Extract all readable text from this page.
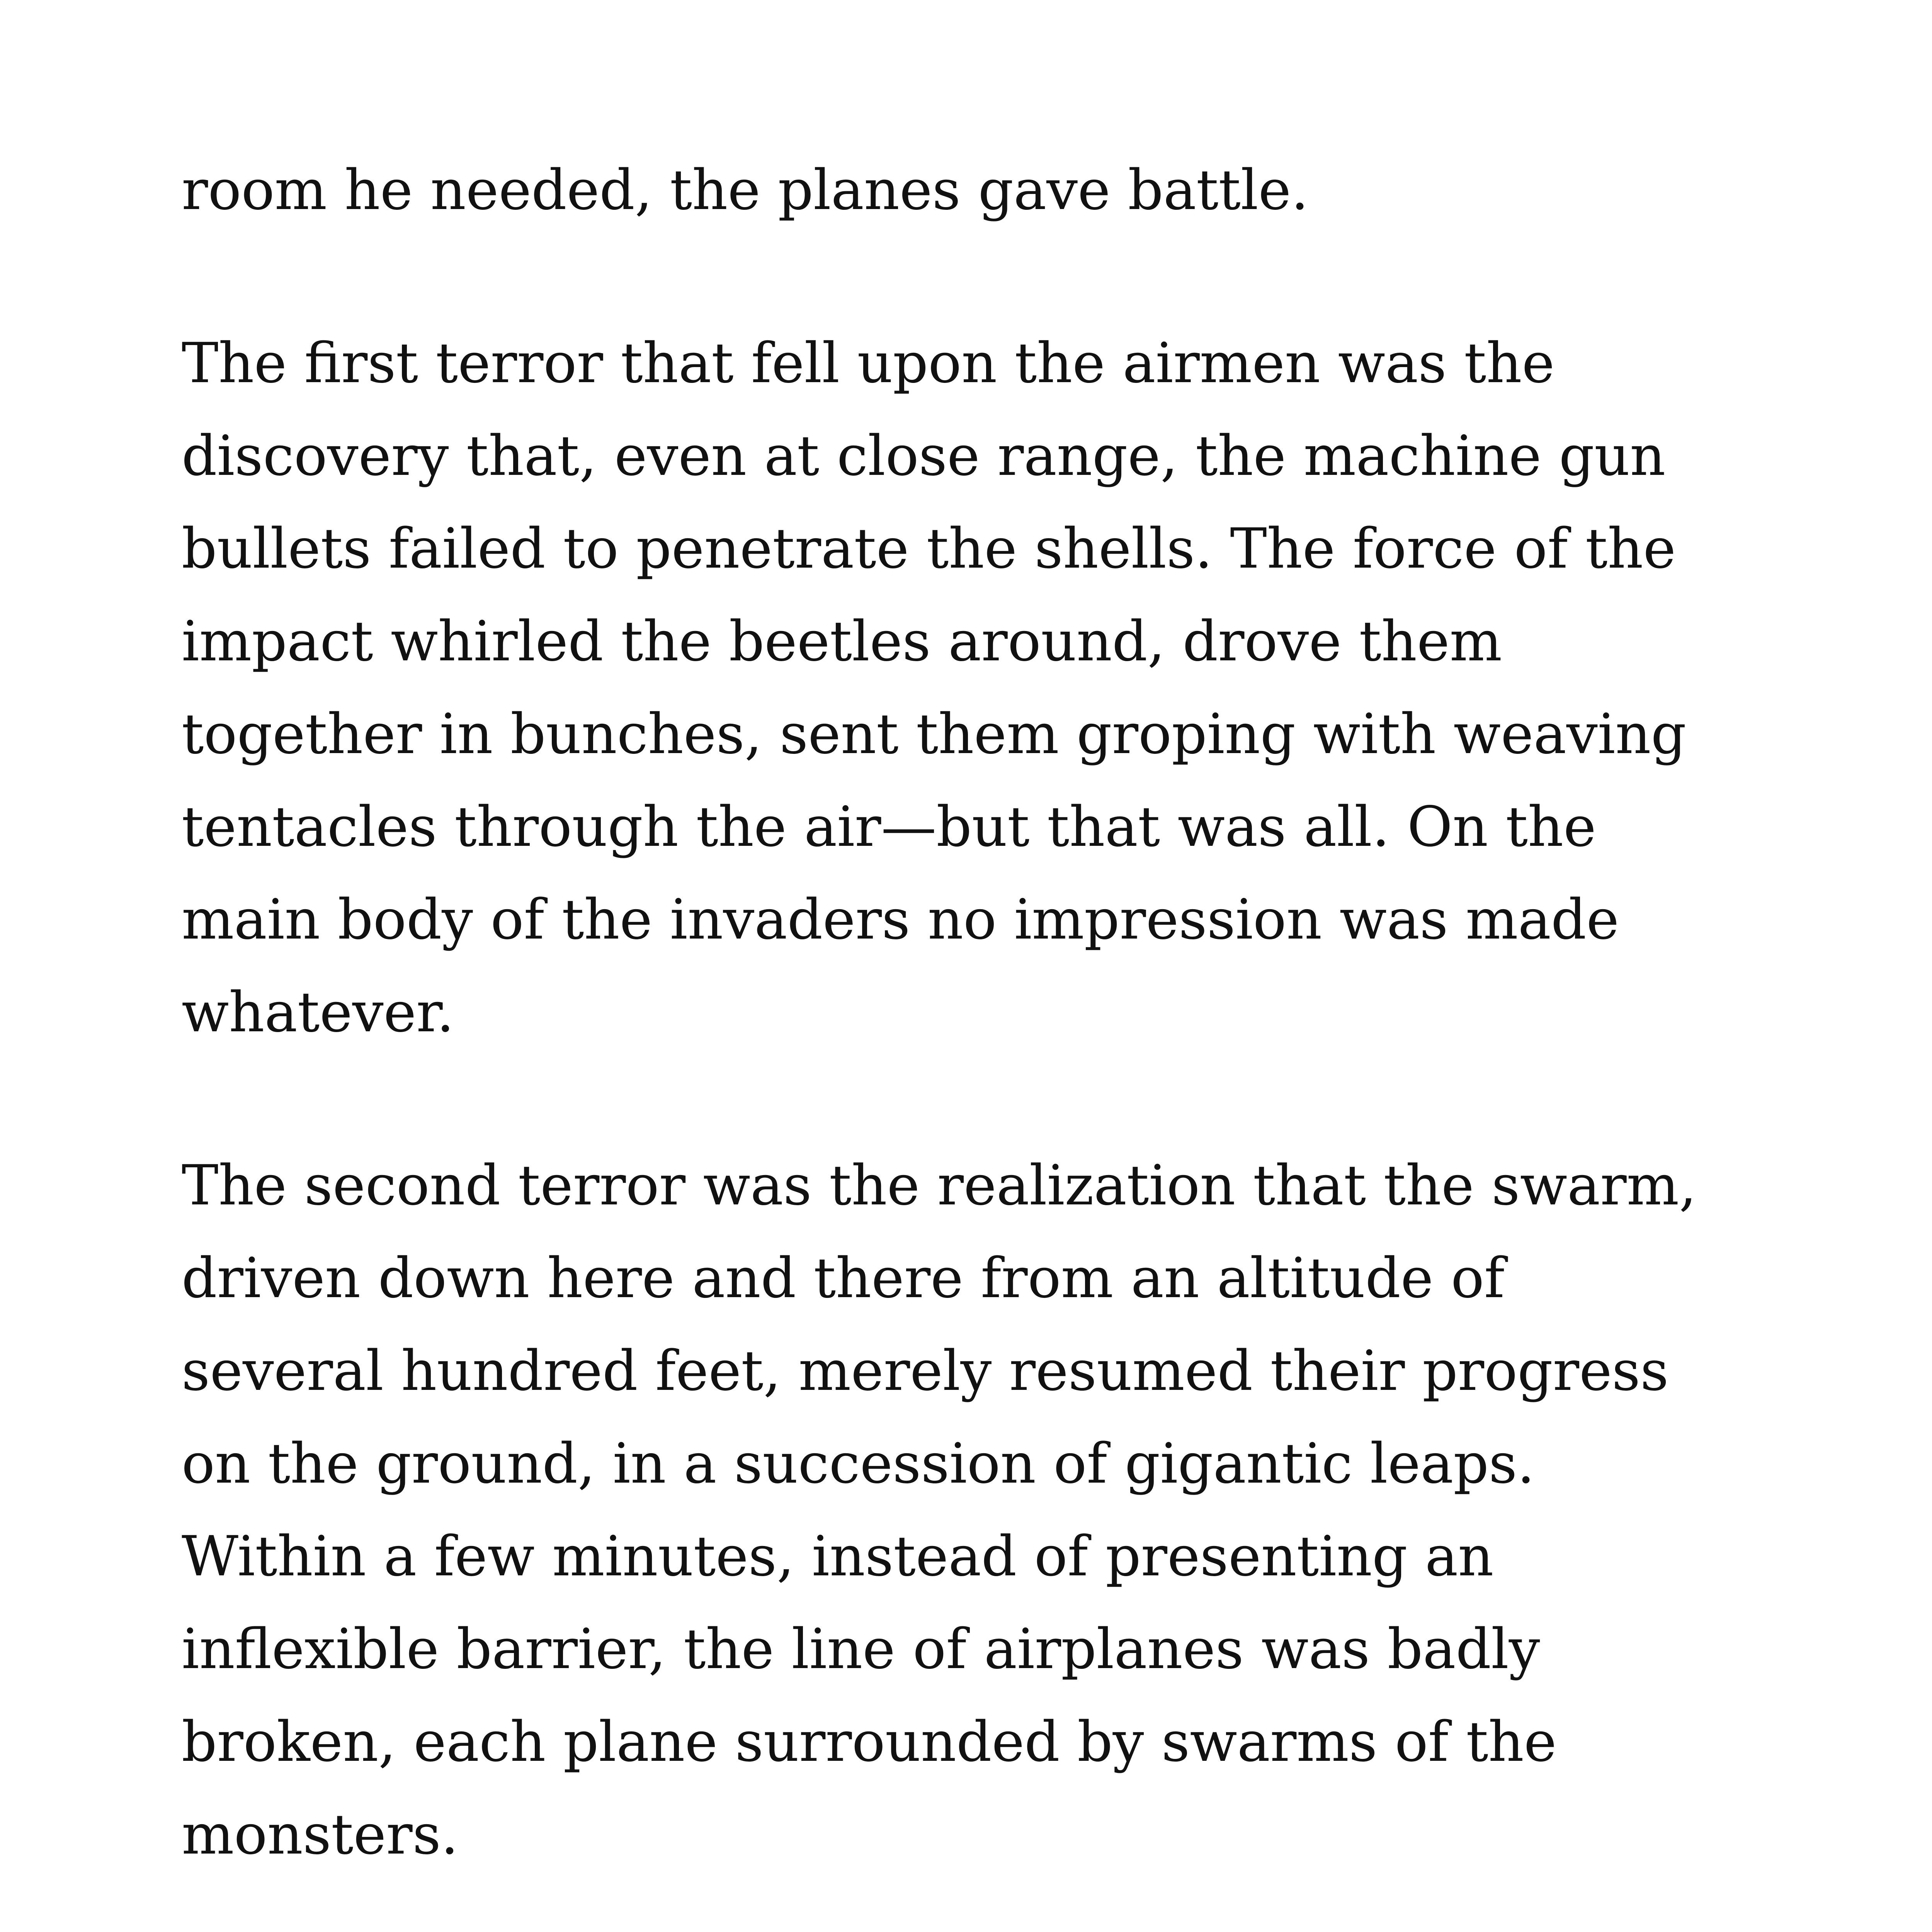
room he needed, the planes gave battle.
The first terror that fell upon the airmen was the
discovery that, even at close range, the machine gun
bullets failed to penetrate the shells. The force of the
impact whirled the beetles around, drove them
together in bunches, sent them groping with weaving
tentacles through the air—but that was all. On the
main body of the invaders no impression was made
whatever.
The second terror was the realization that the swarm,
driven down here and there from an altitude of
several hundred feet, merely resumed their progress
on the ground, in a succession of gigantic leaps.
Within a few minutes, instead of presenting an
inflexible barrier, the line of airplanes was badly
broken, each plane surrounded by swarms of the
monsters.
